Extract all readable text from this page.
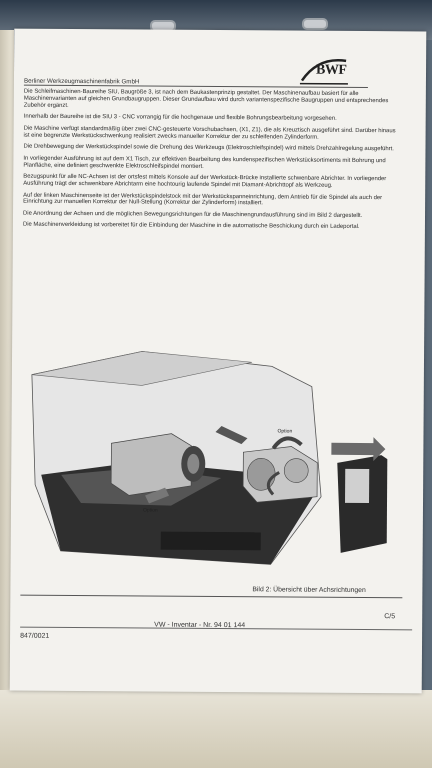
BWF
Berliner Werkzeugmaschinenfabrik GmbH

Die Schleifmaschinen-Baureihe SIU, Baugröße 3, ist nach dem Baukastenprinzip gestaltet. Der Maschinenaufbau basiert für alle Maschinenvarianten auf gleichen Grundbaugruppen. Dieser Grundaufbau wird durch variantenspezifische Baugruppen und entsprechendes Zubehör ergänzt.

Innerhalb der Baureihe ist die SIU 3 - CNC vorrangig für die hochgenaue und flexible Bohrungsbearbeitung vorgesehen.

Die Maschine verfügt standardmäßig über zwei CNC-gesteuerte Vorschubachsen, (X1, Z1), die als Kreuztisch ausgeführt sind. Darüber hinaus ist eine begrenzte Werkstückschwenkung realisiert zwecks manueller Korrektur der zu schleifenden Zylinderform.

Die Drehbewegung der Werkstückspindel sowie die Drehung des Werkzeugs (Elektroschleifspindel) wird mittels Drehzahlregelung ausgeführt.

In vorliegender Ausführung ist auf dem X1 Tisch, zur effektiven Bearbeitung des kundenspezifischen Werkstücksortiments mit Bohrung und Planfläche, eine definiert geschwenkte Elektroschleifspindel montiert.

Bezugspunkt für alle NC-Achsen ist der ortsfest mittels Konsole auf der Werkstück-Brücke installierte schwenbare Abrichter. In vorliegender Ausführung trägt der schwenkbare Abrichtarm eine hochtourig laufende Spindel mit Diamant-Abrichttopf als Werkzeug.

Auf der linken Maschinenseite ist der Werkstückspindelstock mit der Werkstückspanneinrichtung, dem Antrieb für die Spindel als auch der Einrichtung zur manuellen Korrektur der Null-Stellung (Korrektur der Zylinderform) installiert.

Die Anordnung der Achsen und die möglichen Bewegungsrichtungen für die Maschinengrundausführung sind im Bild 2 dargestellt.

Die Maschinenverkleidung ist vorbereitet für die Einbindung der Maschine in die automatische Beschickung durch ein Ladeportal.

Option
Option
Bild 2: Übersicht über Achsrichtungen
C/5
VW - Inventar - Nr. 94 01 144
847/0021
